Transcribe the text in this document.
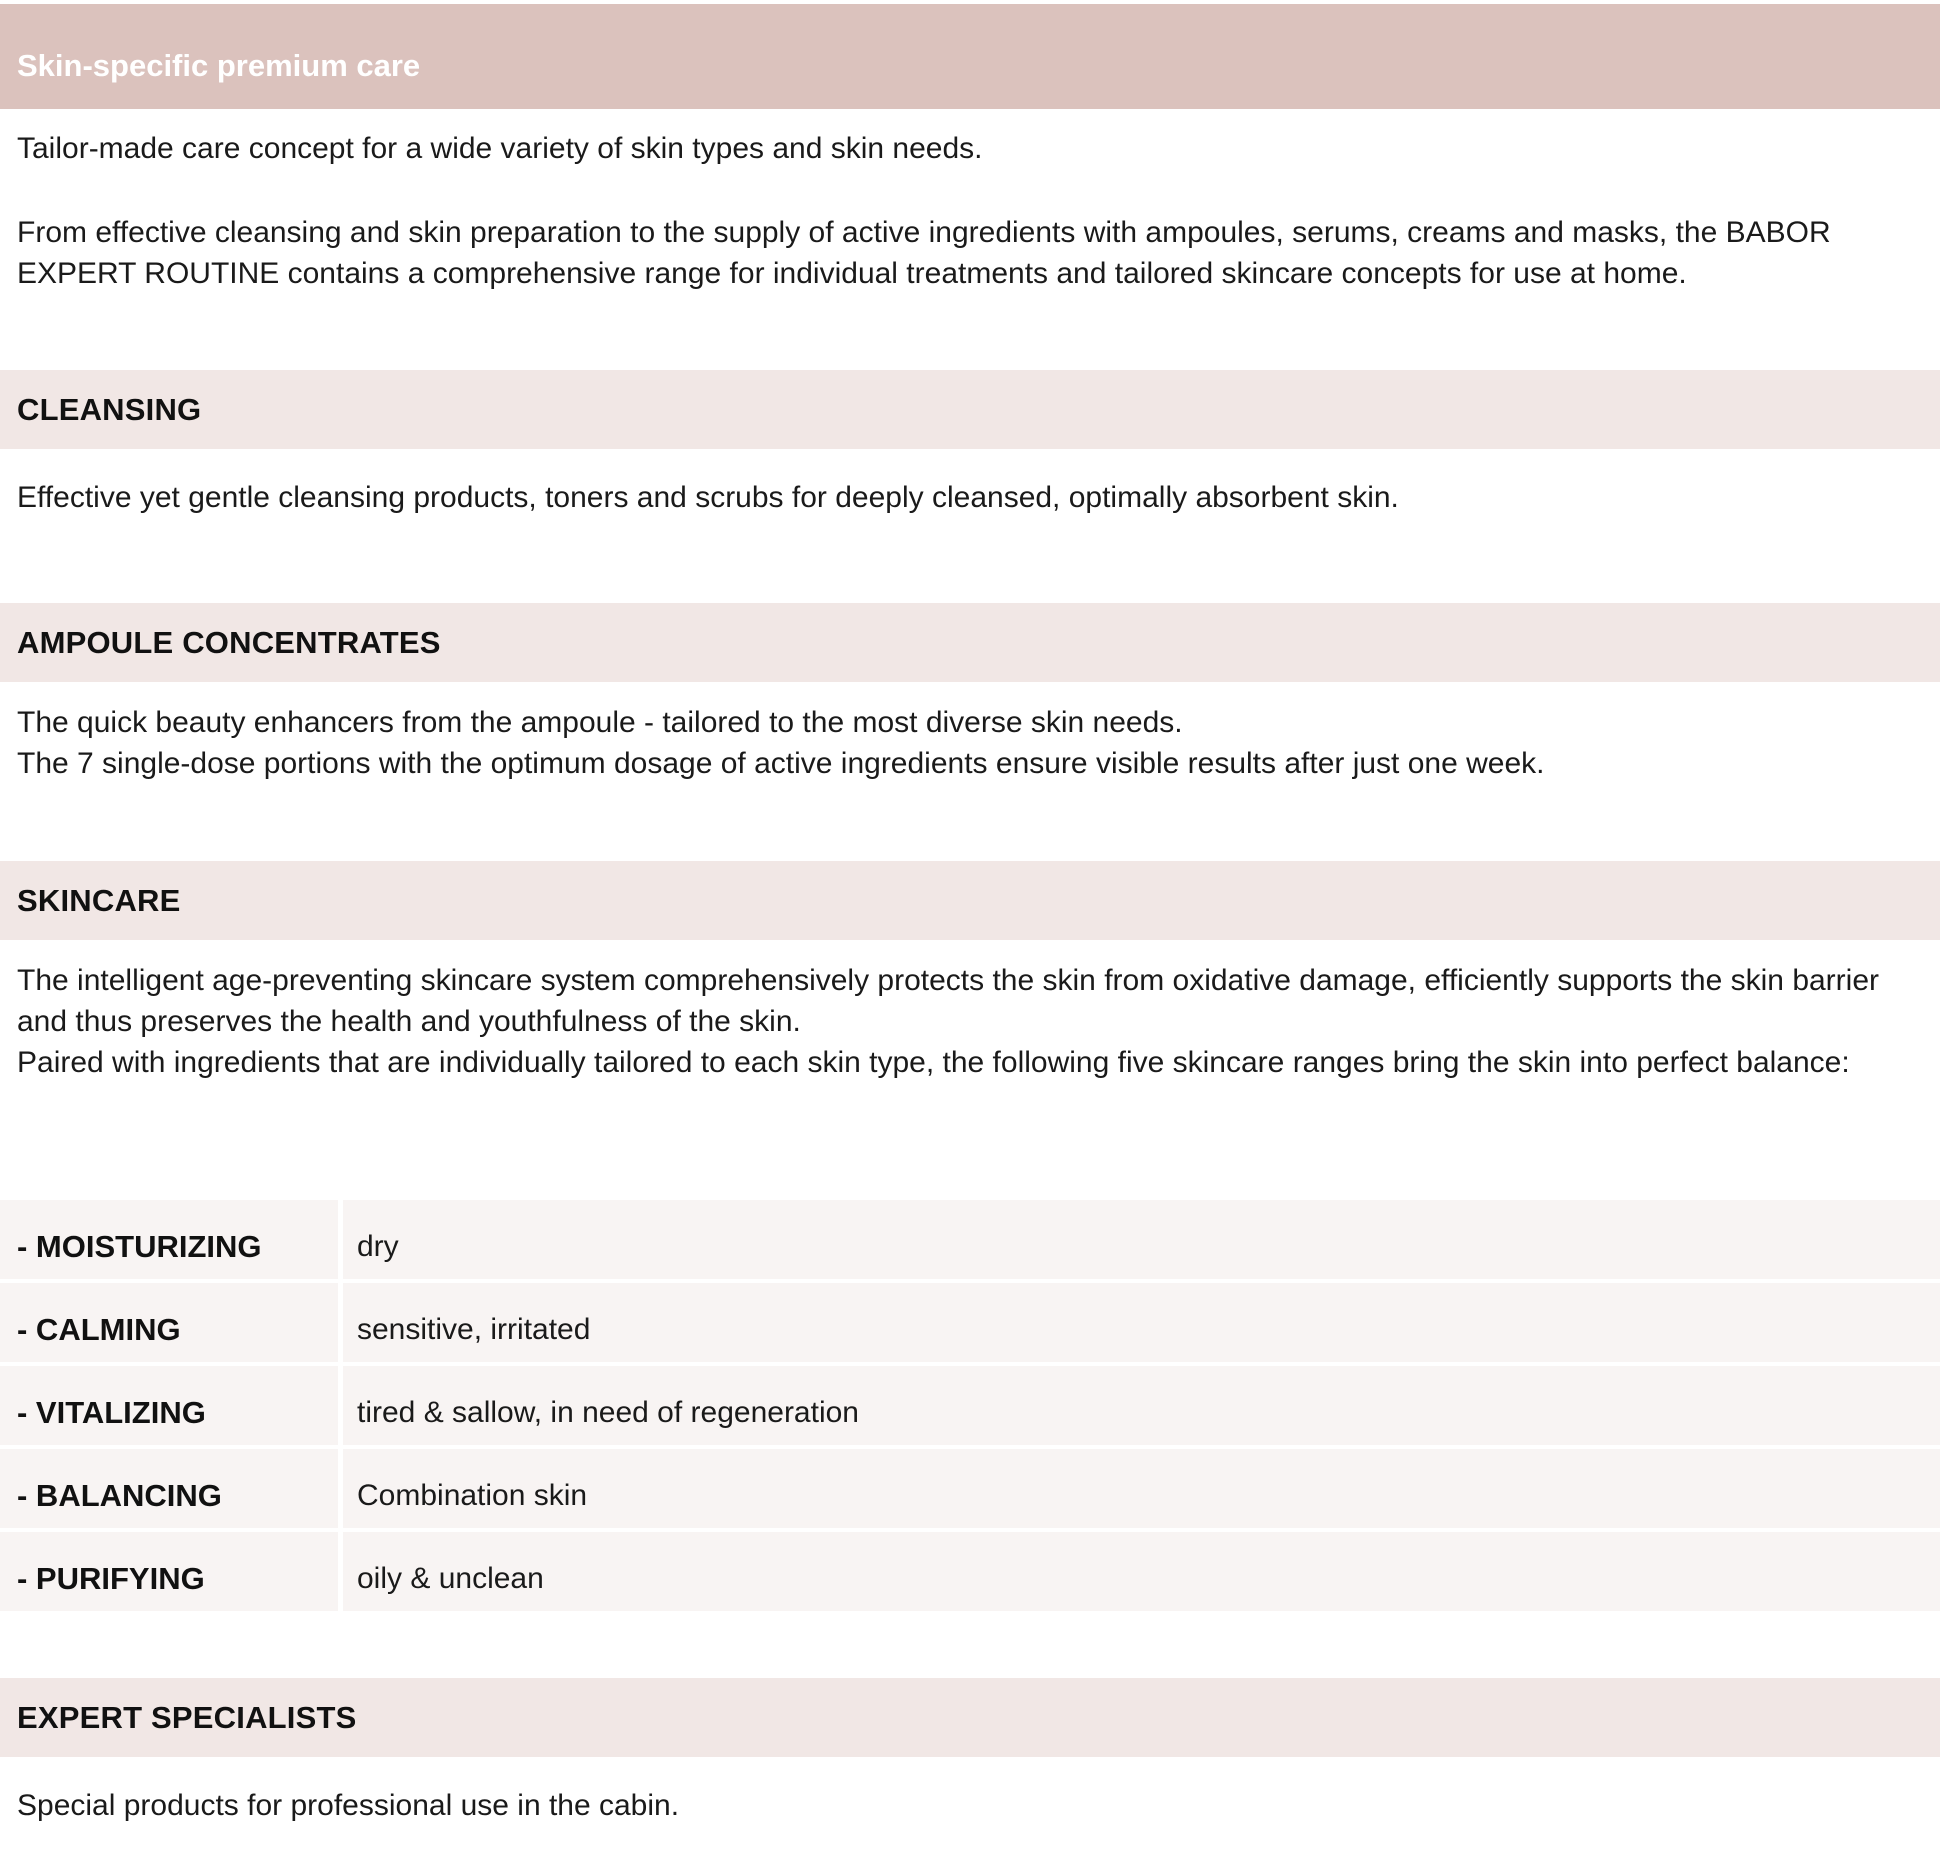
Skin-specific premium care

Tailor-made care concept for a wide variety of skin types and skin needs.

From effective cleansing and skin preparation to the supply of active ingredients with ampoules, serums, creams and masks, the BABOR EXPERT ROUTINE contains a comprehensive range for individual treatments and tailored skincare concepts for use at home.

CLEANSING

Effective yet gentle cleansing products, toners and scrubs for deeply cleansed, optimally absorbent skin.

AMPOULE CONCENTRATES

The quick beauty enhancers from the ampoule - tailored to the most diverse skin needs.

The 7 single-dose portions with the optimum dosage of active ingredients ensure visible results after just one week.

SKINCARE

The intelligent age-preventing skincare system comprehensively protects the skin from oxidative damage, efficiently supports the skin barrier and thus preserves the health and youthfulness of the skin.

Paired with ingredients that are individually tailored to each skin type, the following five skincare ranges bring the skin into perfect balance:

- MOISTURIZING	dry
- CALMING	sensitive, irritated
- VITALIZING	tired & sallow, in need of regeneration
- BALANCING	Combination skin
- PURIFYING	oily & unclean
EXPERT SPECIALISTS

Special products for professional use in the cabin.
